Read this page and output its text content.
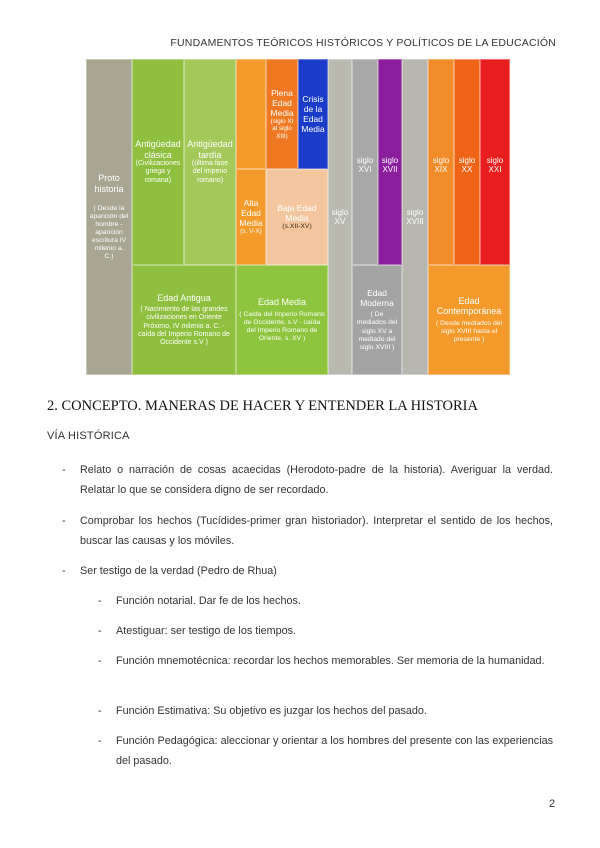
FUNDAMENTOS TEÓRICOS HISTÓRICOS Y POLÍTICOS DE LA EDUCACIÓN
Proto historia
( Desde la aparición del hombre - aparición escritura IV milenio a. C.)
Antigüedad clásica
(Civilizaciones griega y romana)
Antigüedad tardía
(última fase del imperio romano)
Edad Antigua
( Nacimiento de las grandes civilizaciones en Oriente Próximo, IV milenio a. C. - caída del Imperio Romano de Occidente s.V )
Alta Edad Media
(s. V-X)
Plena Edad Media
(siglo XI al siglo XIII)
Crisis de la Edad Media
Baja Edad Media
(s.XII-XV)
Edad Media
( Caída del Imperio Romano de Occidente, s.V - caída del Imperio Romano de Oriente, s. XV )
siglo XV
siglo XVI
siglo XVII
Edad Moderna
( De mediados del siglo XV a mediado del siglo XVIII )
siglo XVIII
siglo XIX
siglo XX
siglo XXI
Edad Contemporánea
( Desde mediados del siglo XVIII hasta el presente )
2. CONCEPTO. MANERAS DE HACER Y ENTENDER LA HISTORIA
VÍA HISTÓRICA
- Relato o narración de cosas acaecidas (Herodoto-padre de la historia). Averiguar la verdad. Relatar lo que se considera digno de ser recordado.
- Comprobar los hechos (Tucídides-primer gran historiador). Interpretar el sentido de los hechos, buscar las causas y los móviles.
- Ser testigo de la verdad (Pedro de Rhua)
- Función notarial. Dar fe de los hechos.
- Atestiguar: ser testigo de los tiempos.
- Función mnemotécnica: recordar los hechos memorables. Ser memoria de la humanidad.
- Función Estimativa: Su objetivo es juzgar los hechos del pasado.
- Función Pedagógica: aleccionar y orientar a los hombres del presente con las experiencias del pasado.
2
